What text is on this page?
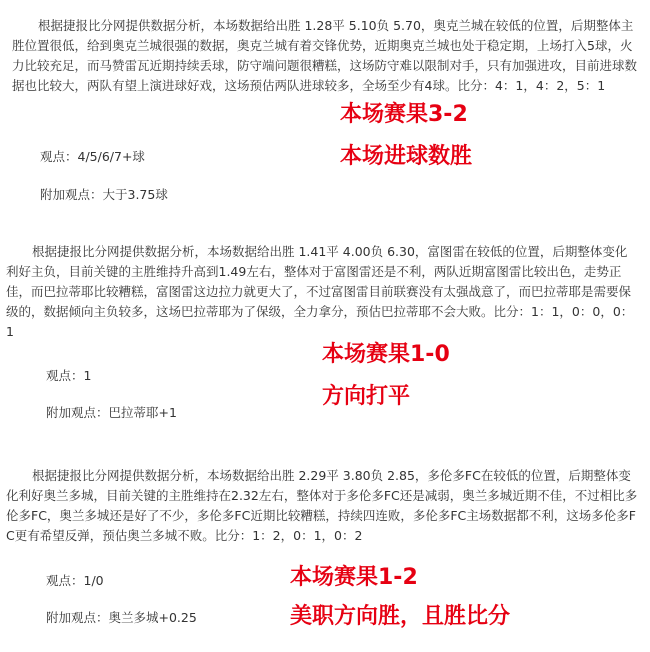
根据捷报比分网提供数据分析，本场数据给出胜 1.28平 5.10负 5.70，奥克兰城在较低的位置，后期整体主胜位置很低，给到奥克兰城很强的数据，奥克兰城有着交锋优势，近期奥克兰城也处于稳定期，上场打入5球，火力比较充足，而马赞雷瓦近期持续丢球，防守端问题很糟糕，这场防守难以限制对手，只有加强进攻，目前进球数据也比较大，两队有望上演进球好戏，这场预估两队进球较多，全场至少有4球。比分：4：1，4：2，5：1

本场赛果3-2

观点：4/5/6/7+球	本场进球数胜

附加观点：大于3.75球

根据捷报比分网提供数据分析，本场数据给出胜 1.41平 4.00负 6.30，富图雷在较低的位置，后期整体变化利好主负，目前关键的主胜维持升高到1.49左右，整体对于富图雷还是不利，两队近期富图雷比较出色，走势正佳，而巴拉蒂耶比较糟糕，富图雷这边拉力就更大了，不过富图雷目前联赛没有太强战意了，而巴拉蒂耶是需要保级的，数据倾向主负较多，这场巴拉蒂耶为了保级，全力拿分，预估巴拉蒂耶不会大败。比分：1：1，0：0，0：1

本场赛果1-0

观点：1

方向打平

附加观点：巴拉蒂耶+1

根据捷报比分网提供数据分析，本场数据给出胜 2.29平 3.80负 2.85，多伦多FC在较低的位置，后期整体变化利好奥兰多城，目前关键的主胜维持在2.32左右，整体对于多伦多FC还是减弱，奥兰多城近期不佳，不过相比多伦多FC，奥兰多城还是好了不少，多伦多FC近期比较糟糕，持续四连败，多伦多FC主场数据都不利，这场多伦多FC更有希望反弹，预估奥兰多城不败。比分：1：2，0：1，0：2

观点：1/0	本场赛果1-2

附加观点：奥兰多城+0.25	美职方向胜，且胜比分
